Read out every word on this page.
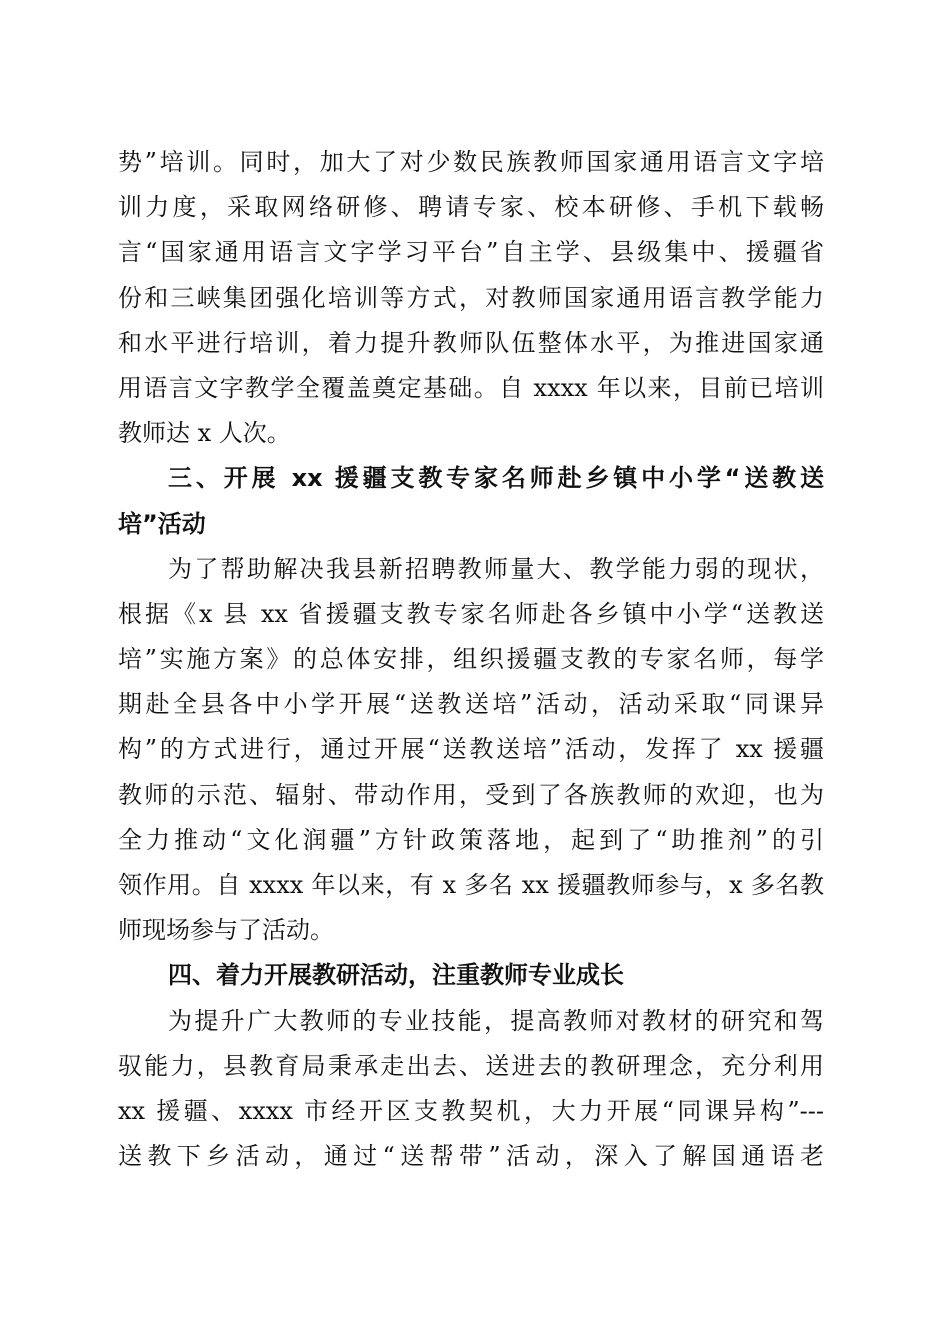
势”培训。同时，加大了对少数民族教师国家通用语言文字培
训力度，采取网络研修、聘请专家、校本研修、手机下载畅
言“国家通用语言文字学习平台”自主学、县级集中、援疆省
份和三峡集团强化培训等方式，对教师国家通用语言教学能力
和水平进行培训，着力提升教师队伍整体水平，为推进国家通
用语言文字教学全覆盖奠定基础。自 xxxx 年以来，目前已培训
教师达 x 人次。
三、开展 xx 援疆支教专家名师赴乡镇中小学“送教送
培”活动
为了帮助解决我县新招聘教师量大、教学能力弱的现状，
根据《x 县 xx 省援疆支教专家名师赴各乡镇中小学“送教送
培”实施方案》的总体安排，组织援疆支教的专家名师，每学
期赴全县各中小学开展“送教送培”活动，活动采取“同课异
构”的方式进行，通过开展“送教送培”活动，发挥了 xx 援疆
教师的示范、辐射、带动作用，受到了各族教师的欢迎，也为
全力推动“文化润疆”方针政策落地，起到了“助推剂”的引
领作用。自 xxxx 年以来，有 x 多名 xx 援疆教师参与，x 多名教
师现场参与了活动。
四、着力开展教研活动，注重教师专业成长
为提升广大教师的专业技能，提高教师对教材的研究和驾
驭能力，县教育局秉承走出去、送进去的教研理念，充分利用
xx 援疆、xxxx 市经开区支教契机，大力开展“同课异构”---
送教下乡活动，通过“送帮带”活动，深入了解国通语老
